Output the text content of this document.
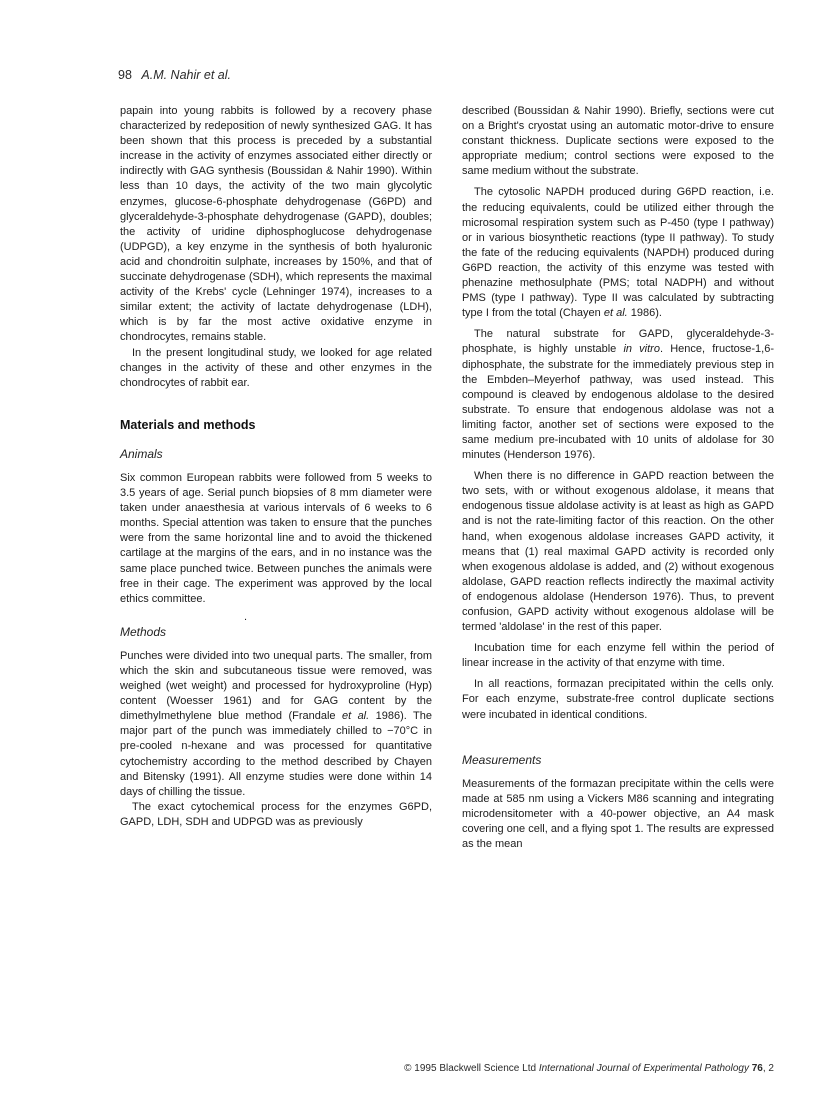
98 A.M. Nahir et al.

papain into young rabbits is followed by a recovery phase characterized by redeposition of newly synthesized GAG. It has been shown that this process is preceded by a substantial increase in the activity of enzymes associated either directly or indirectly with GAG synthesis (Boussidan & Nahir 1990). Within less than 10 days, the activity of the two main glycolytic enzymes, glucose-6-phosphate dehydrogenase (G6PD) and glyceraldehyde-3-phosphate dehydrogenase (GAPD), doubles; the activity of uridine diphosphoglucose dehydrogenase (UDPGD), a key enzyme in the synthesis of both hyaluronic acid and chondroitin sulphate, increases by 150%, and that of succinate dehydrogenase (SDH), which represents the maximal activity of the Krebs' cycle (Lehninger 1974), increases to a similar extent; the activity of lactate dehydrogenase (LDH), which is by far the most active oxidative enzyme in chondrocytes, remains stable.

In the present longitudinal study, we looked for age related changes in the activity of these and other enzymes in the chondrocytes of rabbit ear.

Materials and methods
Animals

Six common European rabbits were followed from 5 weeks to 3.5 years of age. Serial punch biopsies of 8 mm diameter were taken under anaesthesia at various intervals of 6 weeks to 6 months. Special attention was taken to ensure that the punches were from the same horizontal line and to avoid the thickened cartilage at the margins of the ears, and in no instance was the same place punched twice. Between punches the animals were free in their cage. The experiment was approved by the local ethics committee.

.
Methods

Punches were divided into two unequal parts. The smaller, from which the skin and subcutaneous tissue were removed, was weighed (wet weight) and processed for hydroxyproline (Hyp) content (Woesser 1961) and for GAG content by the dimethylmethylene blue method (Frandale et al. 1986). The major part of the punch was immediately chilled to −70°C in pre-cooled n-hexane and was processed for quantitative cytochemistry according to the method described by Chayen and Bitensky (1991). All enzyme studies were done within 14 days of chilling the tissue.

The exact cytochemical process for the enzymes G6PD, GAPD, LDH, SDH and UDPGD was as previously

described (Boussidan & Nahir 1990). Briefly, sections were cut on a Bright's cryostat using an automatic motor-drive to ensure constant thickness. Duplicate sections were exposed to the appropriate medium; control sections were exposed to the same medium without the substrate.

The cytosolic NAPDH produced during G6PD reaction, i.e. the reducing equivalents, could be utilized either through the microsomal respiration system such as P-450 (type I pathway) or in various biosynthetic reactions (type II pathway). To study the fate of the reducing equivalents (NAPDH) produced during G6PD reaction, the activity of this enzyme was tested with phenazine methosulphate (PMS; total NADPH) and without PMS (type I pathway). Type II was calculated by subtracting type I from the total (Chayen et al. 1986).

The natural substrate for GAPD, glyceraldehyde-3-phosphate, is highly unstable in vitro. Hence, fructose-1,6-diphosphate, the substrate for the immediately previous step in the Embden–Meyerhof pathway, was used instead. This compound is cleaved by endogenous aldolase to the desired substrate. To ensure that endogenous aldolase was not a limiting factor, another set of sections were exposed to the same medium pre-incubated with 10 units of aldolase for 30 minutes (Henderson 1976).

When there is no difference in GAPD reaction between the two sets, with or without exogenous aldolase, it means that endogenous tissue aldolase activity is at least as high as GAPD and is not the rate-limiting factor of this reaction. On the other hand, when exogenous aldolase increases GAPD activity, it means that (1) real maximal GAPD activity is recorded only when exogenous aldolase is added, and (2) without exogenous aldolase, GAPD reaction reflects indirectly the maximal activity of endogenous aldolase (Henderson 1976). Thus, to prevent confusion, GAPD activity without exogenous aldolase will be termed 'aldolase' in the rest of this paper.

Incubation time for each enzyme fell within the period of linear increase in the activity of that enzyme with time.

In all reactions, formazan precipitated within the cells only. For each enzyme, substrate-free control duplicate sections were incubated in identical conditions.

Measurements

Measurements of the formazan precipitate within the cells were made at 585 nm using a Vickers M86 scanning and integrating microdensitometer with a 40-power objective, an A4 mask covering one cell, and a flying spot 1. The results are expressed as the mean

© 1995 Blackwell Science Ltd International Journal of Experimental Pathology 76, 2
